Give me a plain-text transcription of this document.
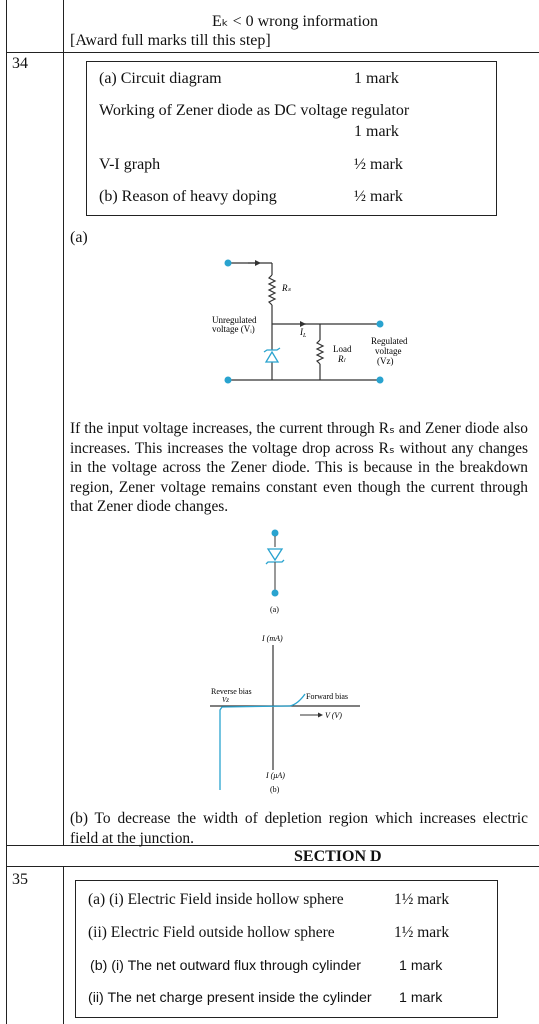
Eₖ < 0 wrong information
[Award full marks till this step]
34
(a) Circuit diagram	1 mark
Working of Zener diode as DC voltage regulator
1 mark
V-I graph	½ mark
(b) Reason of heavy doping	½ mark
(a)
Rₛ
$I_L$
Unregulated
voltage (Vᵢ)
Load
Rₗ
Regulated
voltage
(Vz)
If the input voltage increases, the current through Rₛ and Zener diode also increases. This increases the voltage drop across Rₛ without any changes in the voltage across the Zener diode. This is because in the breakdown region, Zener voltage remains constant even though the current through that Zener diode changes.
(a)
I (mA)
Reverse bias
Vz	Forward bias
V (V)
I (μA)
(b)
(b) To decrease the width of depletion region which increases electric field at the junction.
SECTION D
35
(a) (i) Electric Field inside hollow sphere	1½ mark
(ii) Electric Field outside hollow sphere	1½ mark
(b) (i) The net outward flux through cylinder	1 mark
(ii) The net charge present inside the cylinder 1 mark
